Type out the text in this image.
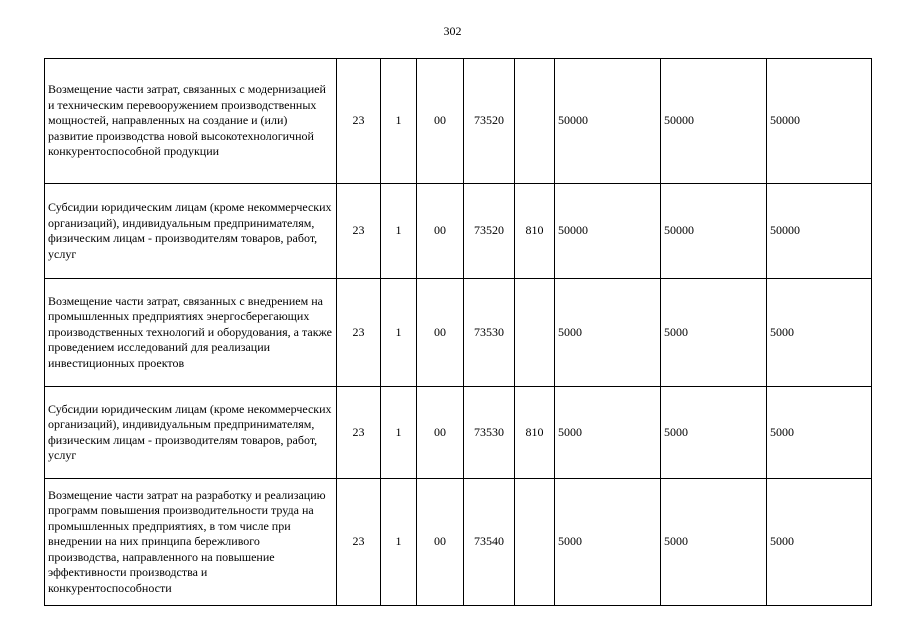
302
Возмещение части затрат, связанных с модернизацией и техническим перевооружением производственных мощностей, направленных на создание и (или) развитие производства новой высокотехнологичной конкурентоспособной продукции	23	1	00	73520		50000	50000	50000
Субсидии юридическим лицам (кроме некоммерческих организаций), индивидуальным предпринимателям, физическим лицам - производителям товаров, работ, услуг	23	1	00	73520	810	50000	50000	50000
Возмещение части затрат, связанных с внедрением на промышленных предприятиях энергосберегающих производственных технологий и оборудования, а также проведением исследований для реализации инвестиционных проектов	23	1	00	73530		5000	5000	5000
Субсидии юридическим лицам (кроме некоммерческих организаций), индивидуальным предпринимателям, физическим лицам - производителям товаров, работ, услуг	23	1	00	73530	810	5000	5000	5000
Возмещение части затрат на разработку и реализацию программ повышения производительности труда на промышленных предприятиях, в том числе при внедрении на них принципа бережливого производства, направленного на повышение эффективности производства и конкурентоспособности	23	1	00	73540		5000	5000	5000
